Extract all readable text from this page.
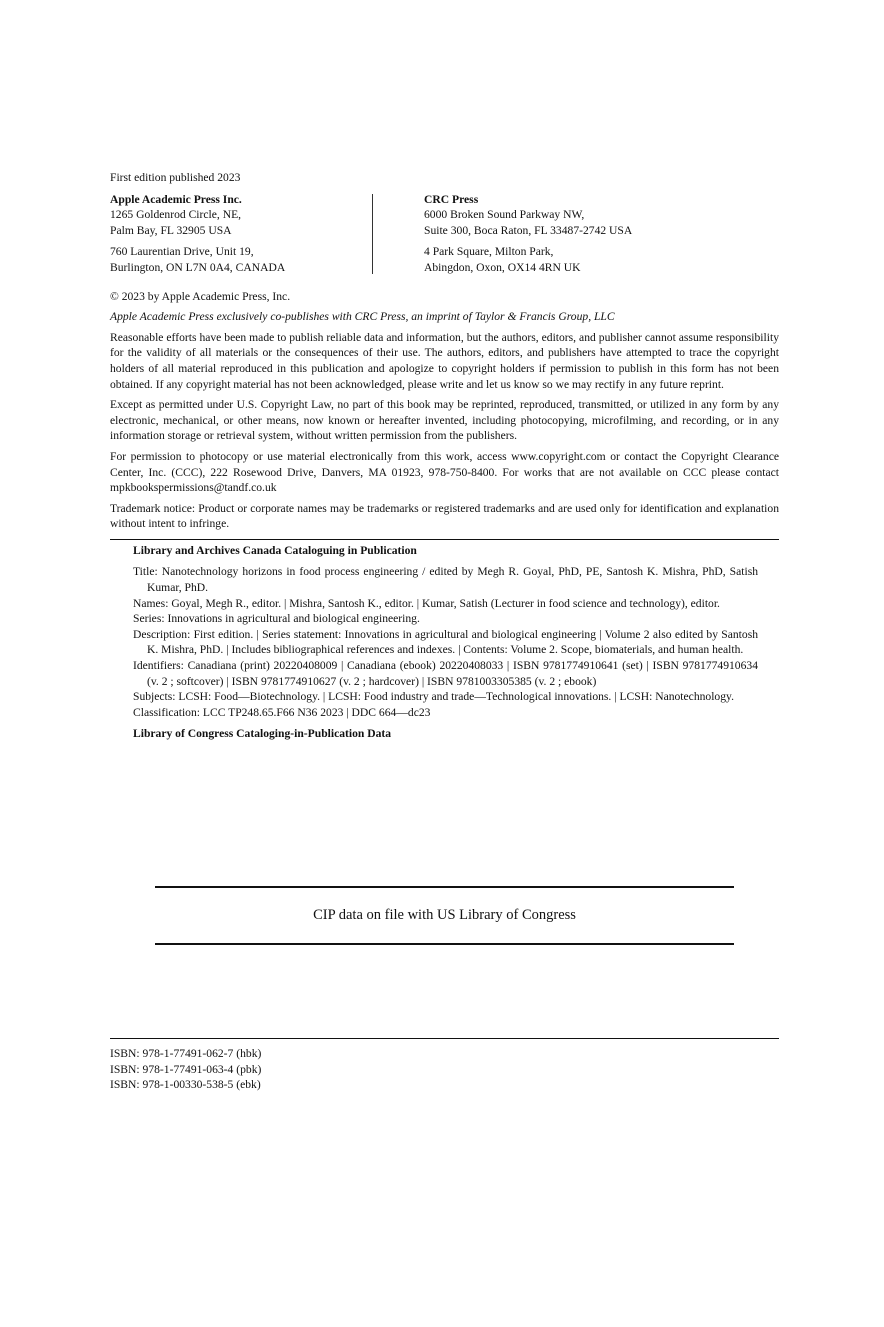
First edition published 2023
Apple Academic Press Inc.
1265 Goldenrod Circle, NE,
Palm Bay, FL 32905 USA
760 Laurentian Drive, Unit 19,
Burlington, ON L7N 0A4, CANADA
CRC Press
6000 Broken Sound Parkway NW,
Suite 300, Boca Raton, FL 33487-2742 USA
4 Park Square, Milton Park,
Abingdon, Oxon, OX14 4RN UK
© 2023 by Apple Academic Press, Inc.
Apple Academic Press exclusively co-publishes with CRC Press, an imprint of Taylor & Francis Group, LLC
Reasonable efforts have been made to publish reliable data and information, but the authors, editors, and publisher cannot assume responsibility for the validity of all materials or the consequences of their use. The authors, editors, and publishers have attempted to trace the copyright holders of all material reproduced in this publication and apologize to copyright holders if permission to publish in this form has not been obtained. If any copyright material has not been acknowledged, please write and let us know so we may rectify in any future reprint.
Except as permitted under U.S. Copyright Law, no part of this book may be reprinted, reproduced, transmitted, or utilized in any form by any electronic, mechanical, or other means, now known or hereafter invented, including photocopying, microfilming, and recording, or in any information storage or retrieval system, without written permission from the publishers.
For permission to photocopy or use material electronically from this work, access www.copyright.com or contact the Copyright Clearance Center, Inc. (CCC), 222 Rosewood Drive, Danvers, MA 01923, 978-750-8400. For works that are not available on CCC please contact mpkbookspermissions@tandf.co.uk
Trademark notice: Product or corporate names may be trademarks or registered trademarks and are used only for identification and explanation without intent to infringe.
Library and Archives Canada Cataloguing in Publication
Title: Nanotechnology horizons in food process engineering / edited by Megh R. Goyal, PhD, PE, Santosh K. Mishra, PhD, Satish Kumar, PhD.
Names: Goyal, Megh R., editor. | Mishra, Santosh K., editor. | Kumar, Satish (Lecturer in food science and technology), editor.
Series: Innovations in agricultural and biological engineering.
Description: First edition. | Series statement: Innovations in agricultural and biological engineering | Volume 2 also edited by Santosh K. Mishra, PhD. | Includes bibliographical references and indexes. | Contents: Volume 2. Scope, biomaterials, and human health.
Identifiers: Canadiana (print) 20220408009 | Canadiana (ebook) 20220408033 | ISBN 9781774910641 (set) | ISBN 9781774910634 (v. 2 ; softcover) | ISBN 9781774910627 (v. 2 ; hardcover) | ISBN 9781003305385 (v. 2 ; ebook)
Subjects: LCSH: Food—Biotechnology. | LCSH: Food industry and trade—Technological innovations. | LCSH: Nanotechnology.
Classification: LCC TP248.65.F66 N36 2023 | DDC 664—dc23
Library of Congress Cataloging-in-Publication Data
CIP data on file with US Library of Congress
ISBN: 978-1-77491-062-7 (hbk)
ISBN: 978-1-77491-063-4 (pbk)
ISBN: 978-1-00330-538-5 (ebk)
